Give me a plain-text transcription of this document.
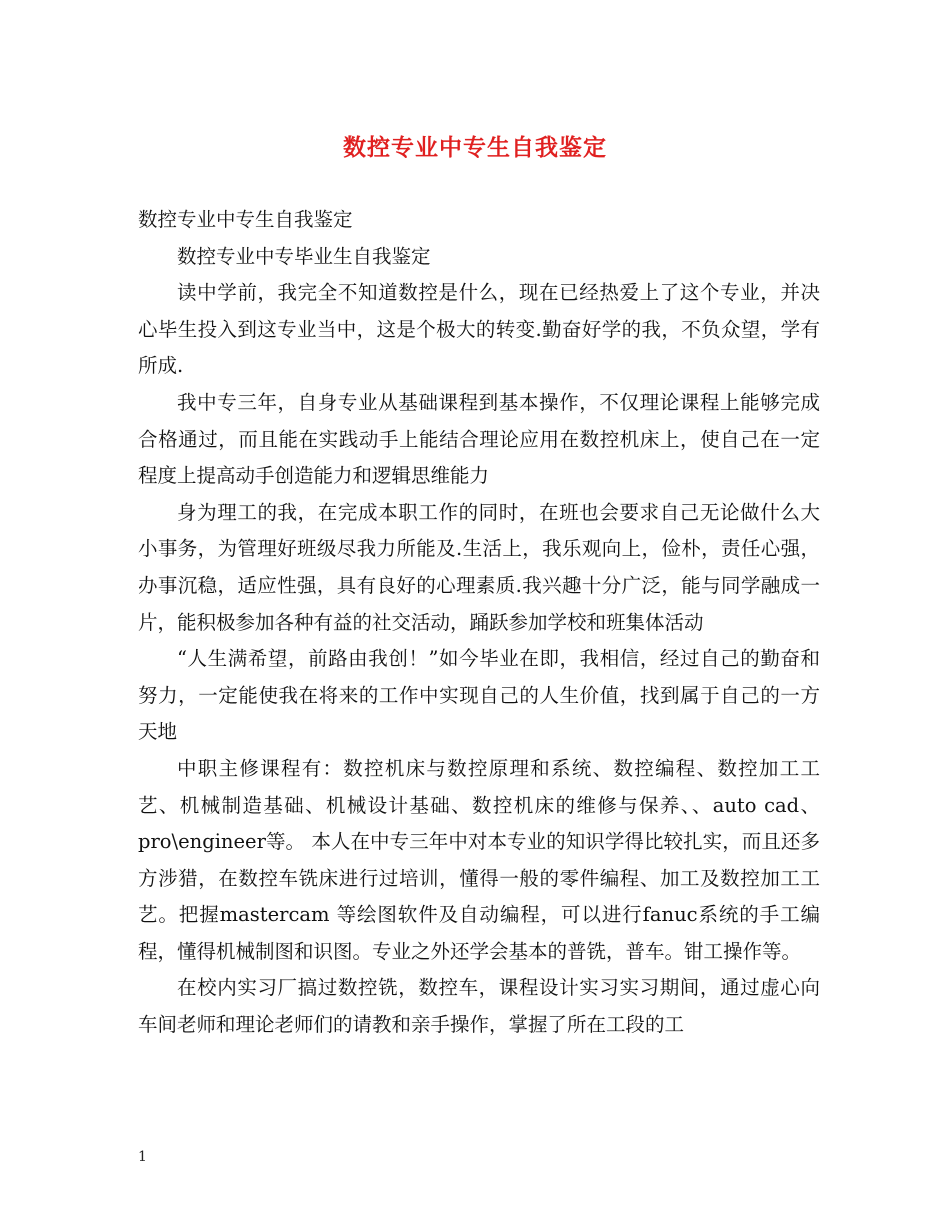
数控专业中专生自我鉴定

数控专业中专生自我鉴定

数控专业中专毕业生自我鉴定

读中学前，我完全不知道数控是什么，现在已经热爱上了这个专业，并决心毕生投入到这专业当中，这是个极大的转变.勤奋好学的我，不负众望，学有所成.

我中专三年，自身专业从基础课程到基本操作，不仅理论课程上能够完成合格通过，而且能在实践动手上能结合理论应用在数控机床上，使自己在一定程度上提高动手创造能力和逻辑思维能力

身为理工的我，在完成本职工作的同时，在班也会要求自己无论做什么大小事务，为管理好班级尽我力所能及.生活上，我乐观向上，俭朴，责任心强，办事沉稳，适应性强，具有良好的心理素质.我兴趣十分广泛，能与同学融成一片，能积极参加各种有益的社交活动，踊跃参加学校和班集体活动

“人生满希望，前路由我创！”如今毕业在即，我相信，经过自己的勤奋和努力，一定能使我在将来的工作中实现自己的人生价值，找到属于自己的一方天地

中职主修课程有：数控机床与数控原理和系统、数控编程、数控加工工艺、机械制造基础、机械设计基础、数控机床的维修与保养、、auto cad、pro\engineer等。 本人在中专三年中对本专业的知识学得比较扎实，而且还多方涉猎，在数控车铣床进行过培训，懂得一般的零件编程、加工及数控加工工艺。把握mastercam 等绘图软件及自动编程，可以进行fanuc系统的手工编程，懂得机械制图和识图。专业之外还学会基本的普铣，普车。钳工操作等。

在校内实习厂搞过数控铣，数控车，课程设计实习实习期间，通过虚心向车间老师和理论老师们的请教和亲手操作，掌握了所在工段的工

1
